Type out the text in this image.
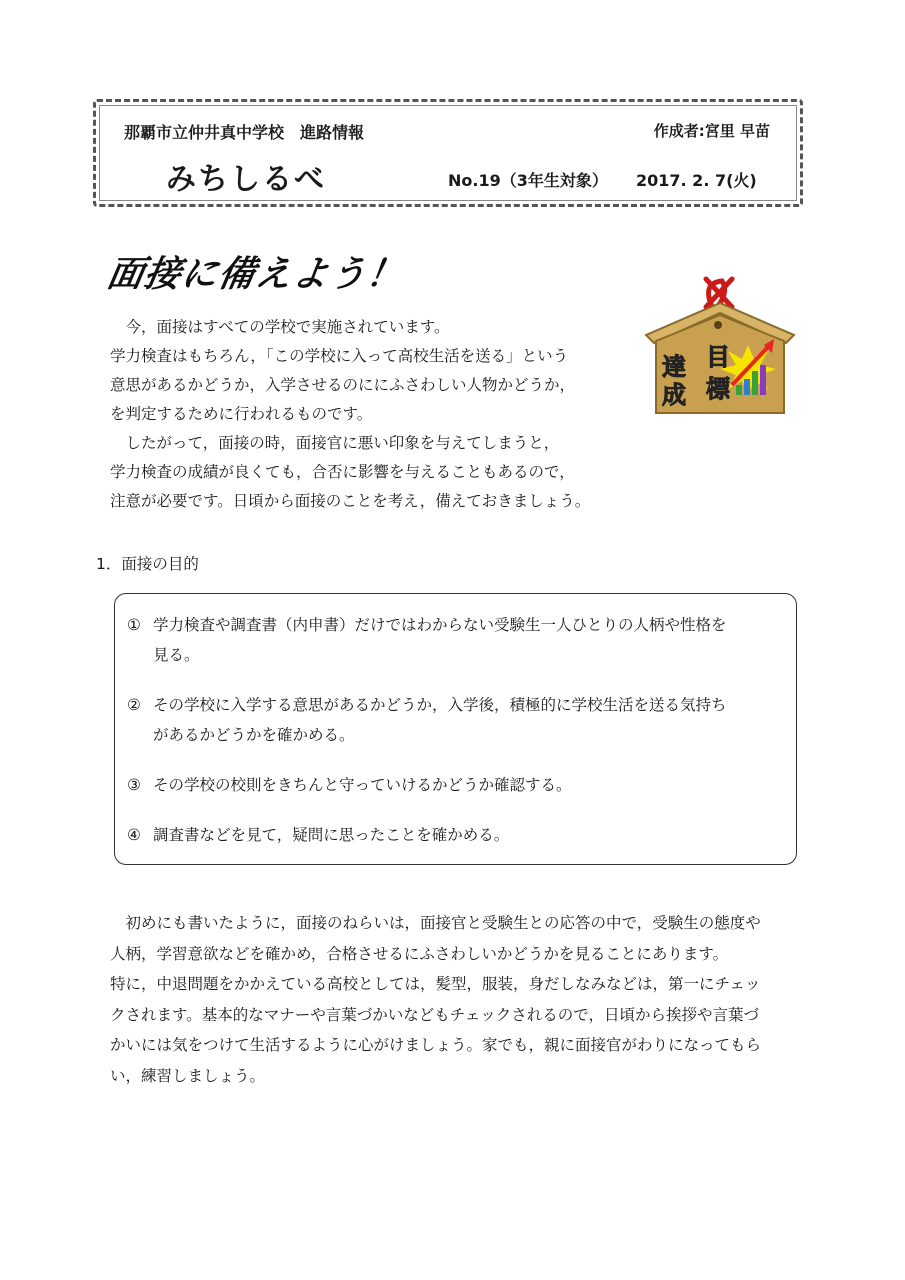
那覇市立仲井真中学校　進路情報	作成者:宮里 早苗
みちしるべ	No.19（3年生対象） 2017. 2. 7(火)
面接に備えよう！

　今，面接はすべての学校で実施されています。

学力検査はもちろん，「この学校に入って高校生活を送る」という

意思があるかどうか，入学させるのににふさわしい人物かどうか，

を判定するために行われるものです。

　したがって，面接の時，面接官に悪い印象を与えてしまうと，

学力検査の成績が良くても，合否に影響を与えることもあるので，

注意が必要です。日頃から面接のことを考え，備えておきましょう。

目
標
達
成
1．面接の目的
① 学力検査や調査書（内申書）だけではわからない受験生一人ひとりの人柄や性格を
見る。
② その学校に入学する意思があるかどうか，入学後，積極的に学校生活を送る気持ち
があるかどうかを確かめる。
③ その学校の校則をきちんと守っていけるかどうか確認する。
④ 調査書などを見て，疑問に思ったことを確かめる。

　初めにも書いたように，面接のねらいは，面接官と受験生との応答の中で，受験生の態度や

人柄，学習意欲などを確かめ，合格させるにふさわしいかどうかを見ることにあります。

特に，中退問題をかかえている高校としては，髪型，服装，身だしなみなどは，第一にチェッ

クされます。基本的なマナーや言葉づかいなどもチェックされるので，日頃から挨拶や言葉づ

かいには気をつけて生活するように心がけましょう。家でも，親に面接官がわりになってもら

い，練習しましょう。
